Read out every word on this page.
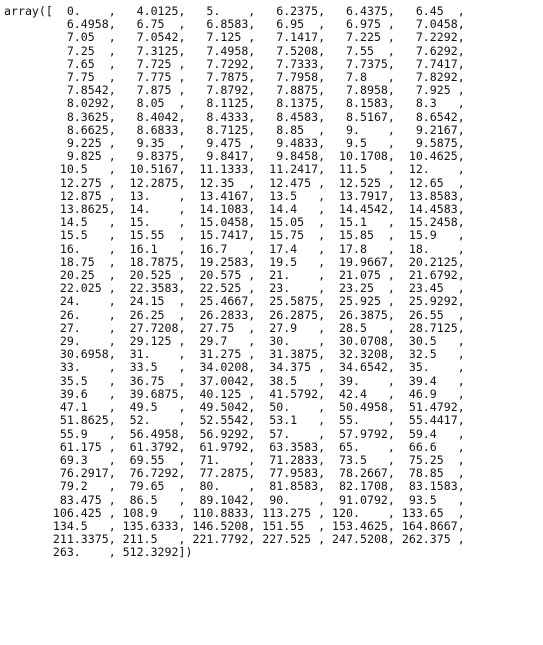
array([  0.    ,   4.0125,   5.    ,   6.2375,   6.4375,   6.45  ,
6.4958,   6.75  ,   6.8583,   6.95  ,   6.975 ,   7.0458,
7.05  ,   7.0542,   7.125 ,   7.1417,   7.225 ,   7.2292,
7.25  ,   7.3125,   7.4958,   7.5208,   7.55  ,   7.6292,
7.65  ,   7.725 ,   7.7292,   7.7333,   7.7375,   7.7417,
7.75  ,   7.775 ,   7.7875,   7.7958,   7.8   ,   7.8292,
7.8542,   7.875 ,   7.8792,   7.8875,   7.8958,   7.925 ,
8.0292,   8.05  ,   8.1125,   8.1375,   8.1583,   8.3   ,
8.3625,   8.4042,   8.4333,   8.4583,   8.5167,   8.6542,
8.6625,   8.6833,   8.7125,   8.85  ,   9.    ,   9.2167,
9.225 ,   9.35  ,   9.475 ,   9.4833,   9.5   ,   9.5875,
9.825 ,   9.8375,   9.8417,   9.8458,  10.1708,  10.4625,
10.5   ,  10.5167,  11.1333,  11.2417,  11.5   ,  12.    ,
12.275 ,  12.2875,  12.35  ,  12.475 ,  12.525 ,  12.65  ,
12.875 ,  13.    ,  13.4167,  13.5   ,  13.7917,  13.8583,
13.8625,  14.    ,  14.1083,  14.4   ,  14.4542,  14.4583,
14.5   ,  15.    ,  15.0458,  15.05  ,  15.1   ,  15.2458,
15.5   ,  15.55  ,  15.7417,  15.75  ,  15.85  ,  15.9   ,
16.    ,  16.1   ,  16.7   ,  17.4   ,  17.8   ,  18.    ,
18.75  ,  18.7875,  19.2583,  19.5   ,  19.9667,  20.2125,
20.25  ,  20.525 ,  20.575 ,  21.    ,  21.075 ,  21.6792,
22.025 ,  22.3583,  22.525 ,  23.    ,  23.25  ,  23.45  ,
24.    ,  24.15  ,  25.4667,  25.5875,  25.925 ,  25.9292,
26.    ,  26.25  ,  26.2833,  26.2875,  26.3875,  26.55  ,
27.    ,  27.7208,  27.75  ,  27.9   ,  28.5   ,  28.7125,
29.    ,  29.125 ,  29.7   ,  30.    ,  30.0708,  30.5   ,
30.6958,  31.    ,  31.275 ,  31.3875,  32.3208,  32.5   ,
33.    ,  33.5   ,  34.0208,  34.375 ,  34.6542,  35.    ,
35.5   ,  36.75  ,  37.0042,  38.5   ,  39.    ,  39.4   ,
39.6   ,  39.6875,  40.125 ,  41.5792,  42.4   ,  46.9   ,
47.1   ,  49.5   ,  49.5042,  50.    ,  50.4958,  51.4792,
51.8625,  52.    ,  52.5542,  53.1   ,  55.    ,  55.4417,
55.9   ,  56.4958,  56.9292,  57.    ,  57.9792,  59.4   ,
61.175 ,  61.3792,  61.9792,  63.3583,  65.    ,  66.6   ,
69.3   ,  69.55  ,  71.    ,  71.2833,  73.5   ,  75.25  ,
76.2917,  76.7292,  77.2875,  77.9583,  78.2667,  78.85  ,
79.2   ,  79.65  ,  80.    ,  81.8583,  82.1708,  83.1583,
83.475 ,  86.5   ,  89.1042,  90.    ,  91.0792,  93.5   ,
106.425 , 108.9   , 110.8833, 113.275 , 120.    , 133.65  ,
134.5   , 135.6333, 146.5208, 151.55  , 153.4625, 164.8667,
211.3375, 211.5   , 221.7792, 227.525 , 247.5208, 262.375 ,
263.    , 512.3292])
